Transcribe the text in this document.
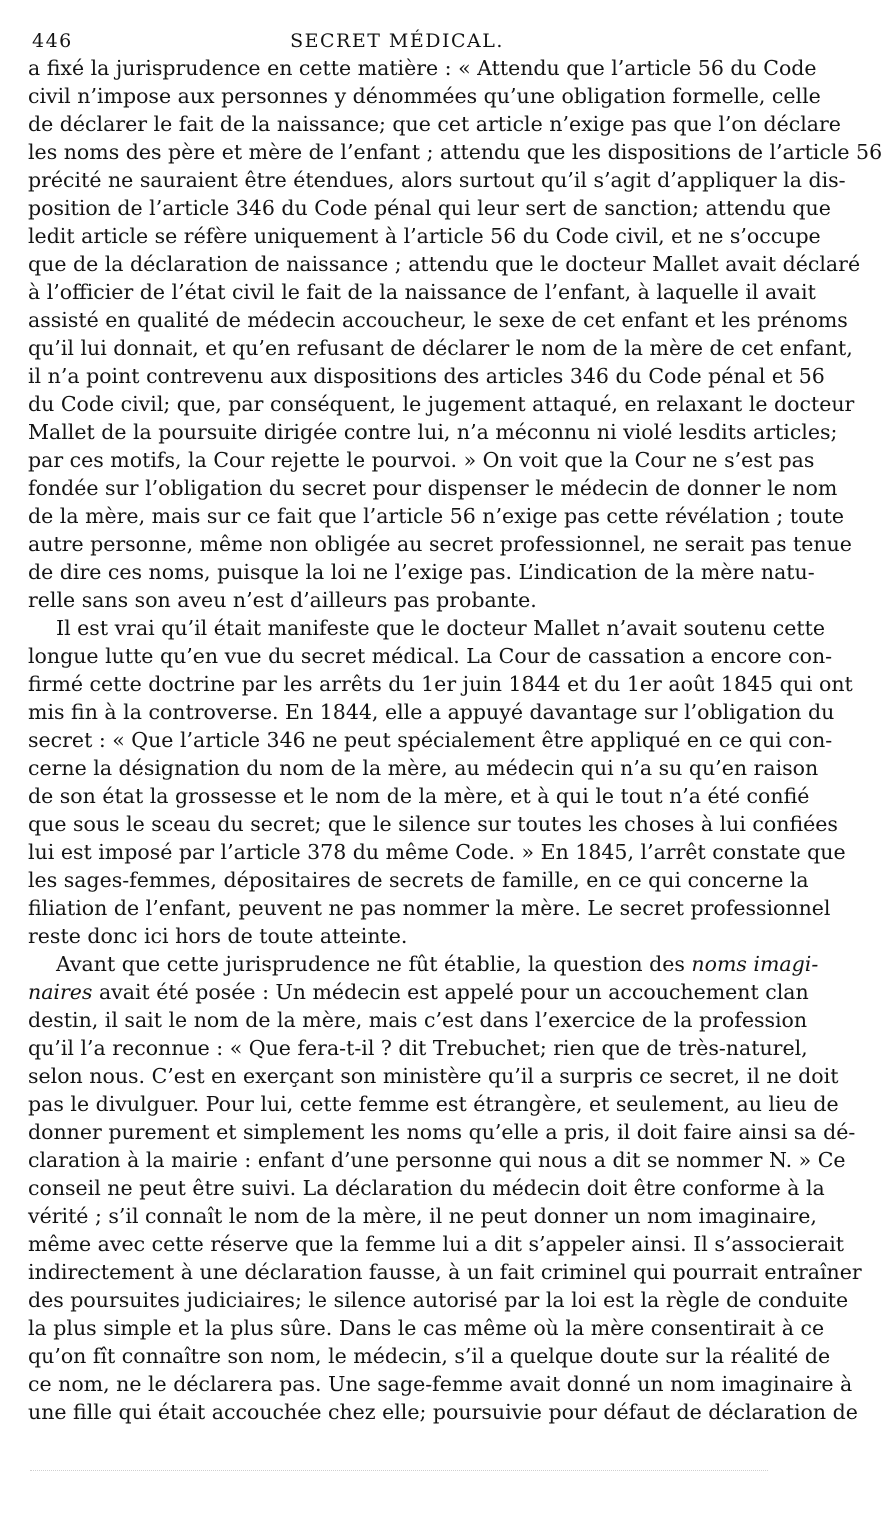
446	SECRET MÉDICAL.
a fixé la jurisprudence en cette matière : « Attendu que l’article 56 du Code
civil n’impose aux personnes y dénommées qu’une obligation formelle, celle
de déclarer le fait de la naissance; que cet article n’exige pas que l’on déclare
les noms des père et mère de l’enfant ; attendu que les dispositions de l’article 56
précité ne sauraient être étendues, alors surtout qu’il s’agit d’appliquer la dis-
position de l’article 346 du Code pénal qui leur sert de sanction; attendu que
ledit article se réfère uniquement à l’article 56 du Code civil, et ne s’occupe
que de la déclaration de naissance ; attendu que le docteur Mallet avait déclaré
à l’officier de l’état civil le fait de la naissance de l’enfant, à laquelle il avait
assisté en qualité de médecin accoucheur, le sexe de cet enfant et les prénoms
qu’il lui donnait, et qu’en refusant de déclarer le nom de la mère de cet enfant,
il n’a point contrevenu aux dispositions des articles 346 du Code pénal et 56
du Code civil; que, par conséquent, le jugement attaqué, en relaxant le docteur
Mallet de la poursuite dirigée contre lui, n’a méconnu ni violé lesdits articles;
par ces motifs, la Cour rejette le pourvoi. » On voit que la Cour ne s’est pas
fondée sur l’obligation du secret pour dispenser le médecin de donner le nom
de la mère, mais sur ce fait que l’article 56 n’exige pas cette révélation ; toute
autre personne, même non obligée au secret professionnel, ne serait pas tenue
de dire ces noms, puisque la loi ne l’exige pas. L’indication de la mère natu-
relle sans son aveu n’est d’ailleurs pas probante.
Il est vrai qu’il était manifeste que le docteur Mallet n’avait soutenu cette
longue lutte qu’en vue du secret médical. La Cour de cassation a encore con-
firmé cette doctrine par les arrêts du 1er juin 1844 et du 1er août 1845 qui ont
mis fin à la controverse. En 1844, elle a appuyé davantage sur l’obligation du
secret : « Que l’article 346 ne peut spécialement être appliqué en ce qui con-
cerne la désignation du nom de la mère, au médecin qui n’a su qu’en raison
de son état la grossesse et le nom de la mère, et à qui le tout n’a été confié
que sous le sceau du secret; que le silence sur toutes les choses à lui confiées
lui est imposé par l’article 378 du même Code. » En 1845, l’arrêt constate que
les sages-femmes, dépositaires de secrets de famille, en ce qui concerne la
filiation de l’enfant, peuvent ne pas nommer la mère. Le secret professionnel
reste donc ici hors de toute atteinte.
Avant que cette jurisprudence ne fût établie, la question des noms imagi-
naires avait été posée : Un médecin est appelé pour un accouchement clan
destin, il sait le nom de la mère, mais c’est dans l’exercice de la profession
qu’il l’a reconnue : « Que fera-t-il ? dit Trebuchet; rien que de très-naturel,
selon nous. C’est en exerçant son ministère qu’il a surpris ce secret, il ne doit
pas le divulguer. Pour lui, cette femme est étrangère, et seulement, au lieu de
donner purement et simplement les noms qu’elle a pris, il doit faire ainsi sa dé-
claration à la mairie : enfant d’une personne qui nous a dit se nommer N. » Ce
conseil ne peut être suivi. La déclaration du médecin doit être conforme à la
vérité ; s’il connaît le nom de la mère, il ne peut donner un nom imaginaire,
même avec cette réserve que la femme lui a dit s’appeler ainsi. Il s’associerait
indirectement à une déclaration fausse, à un fait criminel qui pourrait entraîner
des poursuites judiciaires; le silence autorisé par la loi est la règle de conduite
la plus simple et la plus sûre. Dans le cas même où la mère consentirait à ce
qu’on fît connaître son nom, le médecin, s’il a quelque doute sur la réalité de
ce nom, ne le déclarera pas. Une sage-femme avait donné un nom imaginaire à
une fille qui était accouchée chez elle; poursuivie pour défaut de déclaration de
